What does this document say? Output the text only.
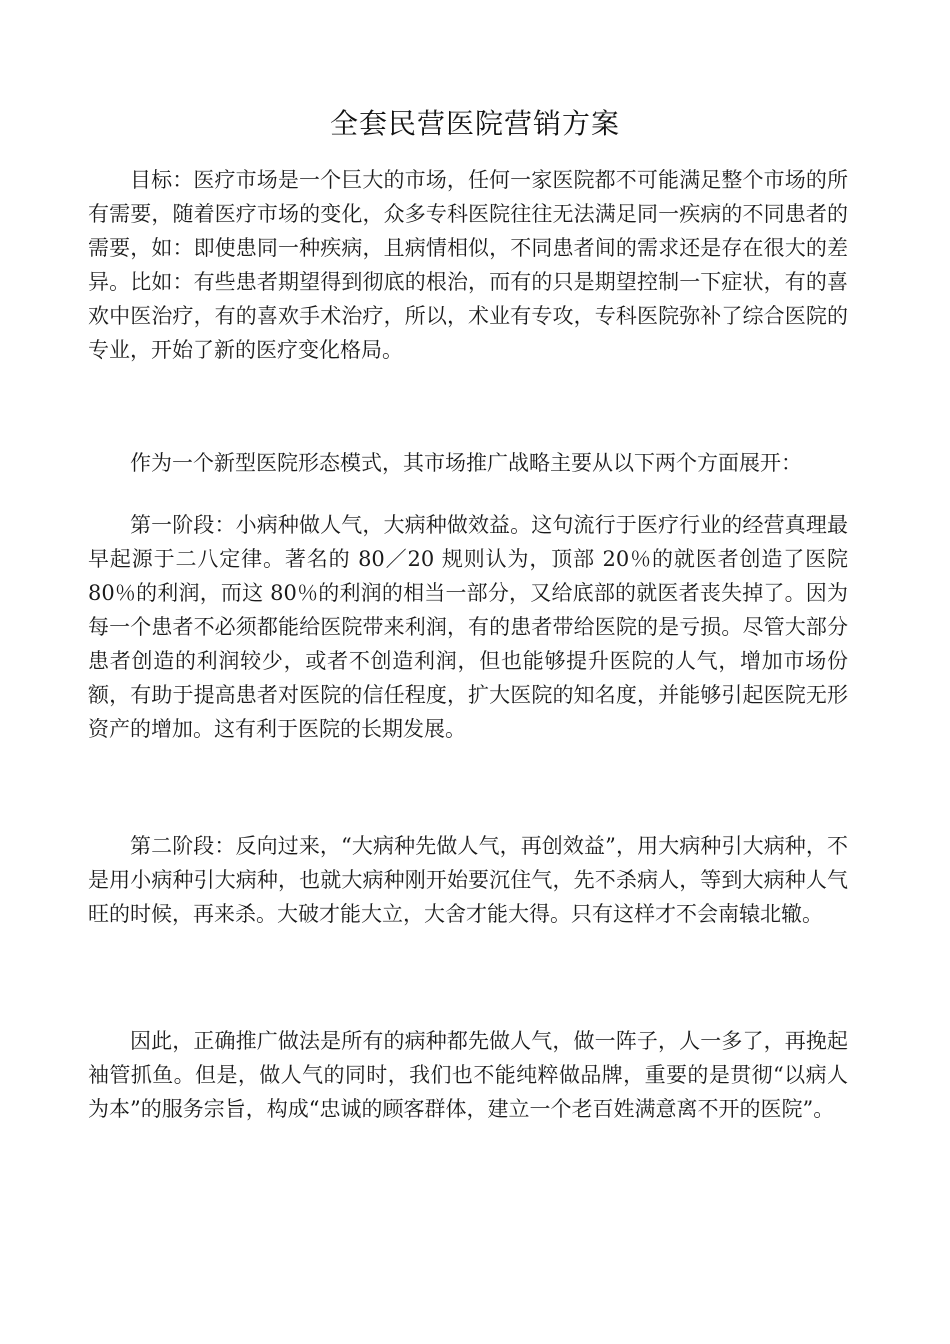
全套民营医院营销方案

目标：医疗市场是一个巨大的市场，任何一家医院都不可能满足整个市场的所有需要，随着医疗市场的变化，众多专科医院往往无法满足同一疾病的不同患者的需要，如：即使患同一种疾病，且病情相似，不同患者间的需求还是存在很大的差异。比如：有些患者期望得到彻底的根治，而有的只是期望控制一下症状，有的喜欢中医治疗，有的喜欢手术治疗，所以，术业有专攻，专科医院弥补了综合医院的专业，开始了新的医疗变化格局。

作为一个新型医院形态模式，其市场推广战略主要从以下两个方面展开：

第一阶段：小病种做人气，大病种做效益。这句流行于医疗行业的经营真理最早起源于二八定律。著名的 80／20 规则认为，顶部 20％的就医者创造了医院 80％的利润，而这 80％的利润的相当一部分，又给底部的就医者丧失掉了。因为每一个患者不必须都能给医院带来利润，有的患者带给医院的是亏损。尽管大部分患者创造的利润较少，或者不创造利润，但也能够提升医院的人气，增加市场份额，有助于提高患者对医院的信任程度，扩大医院的知名度，并能够引起医院无形资产的增加。这有利于医院的长期发展。

第二阶段：反向过来，“大病种先做人气，再创效益”，用大病种引大病种，不是用小病种引大病种，也就大病种刚开始要沉住气，先不杀病人，等到大病种人气旺的时候，再来杀。大破才能大立，大舍才能大得。只有这样才不会南辕北辙。

因此，正确推广做法是所有的病种都先做人气，做一阵子，人一多了，再挽起袖管抓鱼。但是，做人气的同时，我们也不能纯粹做品牌，重要的是贯彻“以病人为本”的服务宗旨，构成“忠诚的顾客群体，建立一个老百姓满意离不开的医院”。
